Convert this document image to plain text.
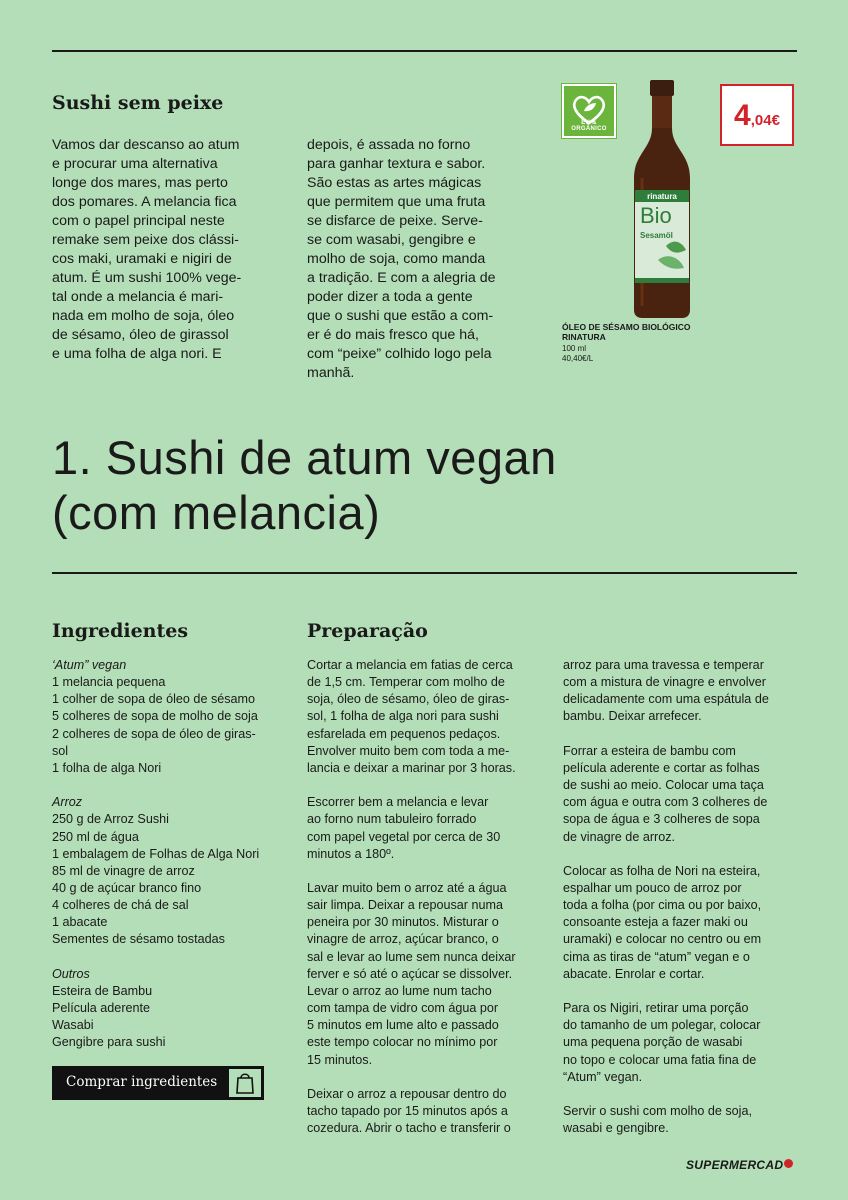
Sushi sem peixe
Vamos dar descanso ao atum
e procurar uma alternativa
longe dos mares, mas perto
dos pomares. A melancia fica
com o papel principal neste
remake sem peixe dos clássi-
cos maki, uramaki e nigiri de
atum. É um sushi 100% vege-
tal onde a melancia é mari-
nada em molho de soja, óleo
de sésamo, óleo de girassol
e uma folha de alga nori. E
depois, é assada no forno
para ganhar textura e sabor.
São estas as artes mágicas
que permitem que uma fruta
se disfarce de peixe. Serve-
se com wasabi, gengibre e
molho de soja, como manda
a tradição. E com a alegria de
poder dizer a toda a gente
que o sushi que estão a com-
er é do mais fresco que há,
com “peixe” colhido logo pela
manhã.
EU & ORGÂNICO
rinatura
Bio
Sesamöl
4,04€
ÓLEO DE SÉSAMO BIOLÓGICO
RINATURA
100 ml
40,40€/L
1. Sushi de atum vegan
(com melancia)
Ingredientes	Preparação
‘Atum” vegan
1 melancia pequena
1 colher de sopa de óleo de sésamo
5 colheres de sopa de molho de soja
2 colheres de sopa de óleo de giras-
sol
1 folha de alga Nori
Arroz
250 g de Arroz Sushi
250 ml de água
1 embalagem de Folhas de Alga Nori
85 ml de vinagre de arroz
40 g de açúcar branco fino
4 colheres de chá de sal
1 abacate
Sementes de sésamo tostadas
Outros
Esteira de Bambu
Película aderente
Wasabi
Gengibre para sushi
Cortar a melancia em fatias de cerca
de 1,5 cm. Temperar com molho de
soja, óleo de sésamo, óleo de giras-
sol, 1 folha de alga nori para sushi
esfarelada em pequenos pedaços.
Envolver muito bem com toda a me-
lancia e deixar a marinar por 3 horas.
Escorrer bem a melancia e levar
ao forno num tabuleiro forrado
com papel vegetal por cerca de 30
minutos a 180º.
Lavar muito bem o arroz até a água
sair limpa. Deixar a repousar numa
peneira por 30 minutos. Misturar o
vinagre de arroz, açúcar branco, o
sal e levar ao lume sem nunca deixar
ferver e só até o açúcar se dissolver.
Levar o arroz ao lume num tacho
com tampa de vidro com água por
5 minutos em lume alto e passado
este tempo colocar no mínimo por
15 minutos.
Deixar o arroz a repousar dentro do
tacho tapado por 15 minutos após a
cozedura. Abrir o tacho e transferir o
arroz para uma travessa e temperar
com a mistura de vinagre e envolver
delicadamente com uma espátula de
bambu. Deixar arrefecer.
Forrar a esteira de bambu com
película aderente e cortar as folhas
de sushi ao meio. Colocar uma taça
com água e outra com 3 colheres de
sopa de água e 3 colheres de sopa
de vinagre de arroz.
Colocar as folha de Nori na esteira,
espalhar um pouco de arroz por
toda a folha (por cima ou por baixo,
consoante esteja a fazer maki ou
uramaki) e colocar no centro ou em
cima as tiras de “atum” vegan e o
abacate. Enrolar e cortar.
Para os Nigiri, retirar uma porção
do tamanho de um polegar, colocar
uma pequena porção de wasabi
no topo e colocar uma fatia fina de
“Atum” vegan.
Servir o sushi com molho de soja,
wasabi e gengibre.
Comprar ingredientes
SUPERMERCAD
